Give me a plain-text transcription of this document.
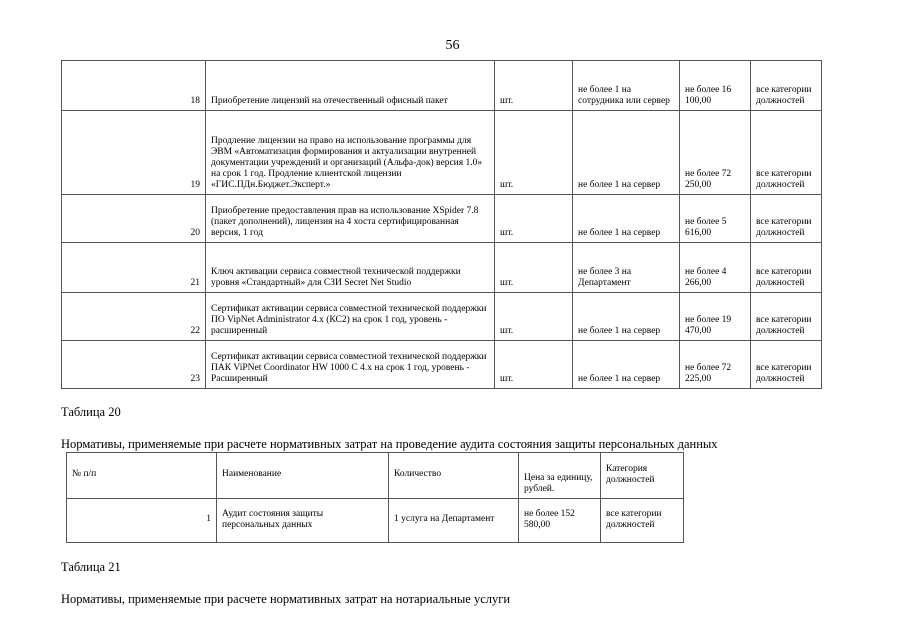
56
18	Приобретение лицензий на отечественный офисный пакет	шт.	не более 1 на сотрудника или сервер	не более 16 100,00	все категории должностей
19	Продление лицензии на право на использование программы для ЭВМ «Автоматизация формирования и актуализации внутренней документации учреждений и организаций (Альфа-док) версия 1.0» на срок 1 год. Продление клиентской лицензии «ГИС.ПДн.Бюджет.Эксперт.»	шт.	не более 1 на сервер	не более 72 250,00	все категории должностей
20	Приобретение предоставления прав на использование XSpider 7.8 (пакет дополнений), лицензия на 4 хоста сертифицированная версия, 1 год	шт.	не более 1 на сервер	не более 5 616,00	все категории должностей
21	Ключ активации сервиса совместной технической поддержки уровня «Стандартный» для СЗИ Secret Net Studio	шт.	не более 3 на Департамент	не более 4 266,00	все категории должностей
22	Сертификат активации сервиса совместной технической поддержки ПО VipNet Administrator 4.x (КС2) на срок 1 год, уровень - расширенный	шт.	не более 1 на сервер	не более 19 470,00	все категории должностей
23	Сертификат активации сервиса совместной технической поддержки ПАК ViPNet Coordinator HW 1000 С 4.x на срок 1 год, уровень - Расширенный	шт.	не более 1 на сервер	не более 72 225,00	все категории должностей
Таблица 20
Нормативы, применяемые при расчете нормативных затрат на проведение аудита состояния защиты персональных данных
№ п/п	Наименование	Количество	Цена за единицу, рублей.	Категория должностей
1	Аудит состояния защиты персональных данных	1 услуга на Департамент	не более 152 580,00	все категории должностей
Таблица 21
Нормативы, применяемые при расчете нормативных затрат на нотариальные услуги
